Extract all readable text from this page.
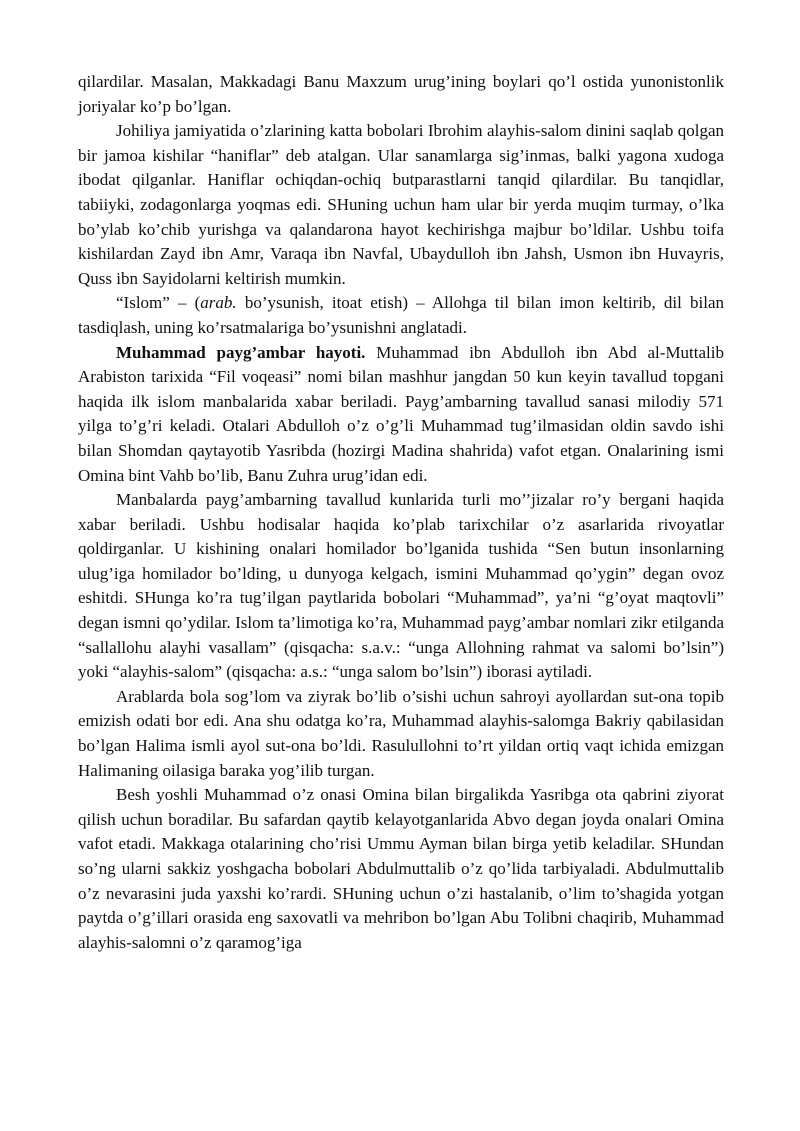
qilardilar. Masalan, Makkadagi Banu Maxzum urug’ining boylari qo’l ostida yunonistonlik joriyalar ko’p bo’lgan.

Johiliya jamiyatida o’zlarining katta bobolari Ibrohim alayhis-salom dinini saqlab qolgan bir jamoa kishilar “haniflar” deb atalgan. Ular sanamlarga sig’inmas, balki yagona xudoga ibodat qilganlar. Haniflar ochiqdan-ochiq butparastlarni tanqid qilardilar. Bu tanqidlar, tabiiyki, zodagonlarga yoqmas edi. SHuning uchun ham ular bir yerda muqim turmay, o’lka bo’ylab ko’chib yurishga va qalandarona hayot kechirishga majbur bo’ldilar. Ushbu toifa kishilardan Zayd ibn Amr, Varaqa ibn Navfal, Ubaydulloh ibn Jahsh, Usmon ibn Huvayris, Quss ibn Sayidolarni keltirish mumkin.

“Islom” – (arab. bo’ysunish, itoat etish) – Allohga til bilan imon keltirib, dil bilan tasdiqlash, uning ko’rsatmalariga bo’ysunishni anglatadi.

Muhammad payg’ambar hayoti. Muhammad ibn Abdulloh ibn Abd al-Muttalib Arabiston tarixida “Fil voqeasi” nomi bilan mashhur jangdan 50 kun keyin tavallud topgani haqida ilk islom manbalarida xabar beriladi. Payg’ambarning tavallud sanasi milodiy 571 yilga to’g’ri keladi. Otalari Abdulloh o’z o’g’li Muhammad tug’ilmasidan oldin savdo ishi bilan Shomdan qaytayotib Yasribda (hozirgi Madina shahrida) vafot etgan. Onalarining ismi Omina bint Vahb bo’lib, Banu Zuhra urug’idan edi.

Manbalarda payg’ambarning tavallud kunlarida turli mo’’jizalar ro’y bergani haqida xabar beriladi. Ushbu hodisalar haqida ko’plab tarixchilar o’z asarlarida rivoyatlar qoldirganlar. U kishining onalari homilador bo’lganida tushida “Sen butun insonlarning ulug’iga homilador bo’lding, u dunyoga kelgach, ismini Muhammad qo’ygin” degan ovoz eshitdi. SHunga ko’ra tug’ilgan paytlarida bobolari “Muhammad”, ya’ni “g’oyat maqtovli” degan ismni qo’ydilar. Islom ta’limotiga ko’ra, Muhammad payg’ambar nomlari zikr etilganda “sallallohu alayhi vasallam” (qisqacha: s.a.v.: “unga Allohning rahmat va salomi bo’lsin”) yoki “alayhis-salom” (qisqacha: a.s.: “unga salom bo’lsin”) iborasi aytiladi.

Arablarda bola sog’lom va ziyrak bo’lib o’sishi uchun sahroyi ayollardan sut-ona topib emizish odati bor edi. Ana shu odatga ko’ra, Muhammad alayhis-salomga Bakriy qabilasidan bo’lgan Halima ismli ayol sut-ona bo’ldi. Rasulullohni to’rt yildan ortiq vaqt ichida emizgan Halimaning oilasiga baraka yog’ilib turgan.

Besh yoshli Muhammad o’z onasi Omina bilan birgalikda Yasribga ota qabrini ziyorat qilish uchun boradilar. Bu safardan qaytib kelayotganlarida Abvo degan joyda onalari Omina vafot etadi. Makkaga otalarining cho’risi Ummu Ayman bilan birga yetib keladilar. SHundan so’ng ularni sakkiz yoshgacha bobolari Abdulmuttalib o’z qo’lida tarbiyaladi. Abdulmuttalib o’z nevarasini juda yaxshi ko’rardi. SHuning uchun o’zi hastalanib, o’lim to’shagida yotgan paytda o’g’illari orasida eng saxovatli va mehribon bo’lgan Abu Tolibni chaqirib, Muhammad alayhis-salomni o’z qaramog’iga
